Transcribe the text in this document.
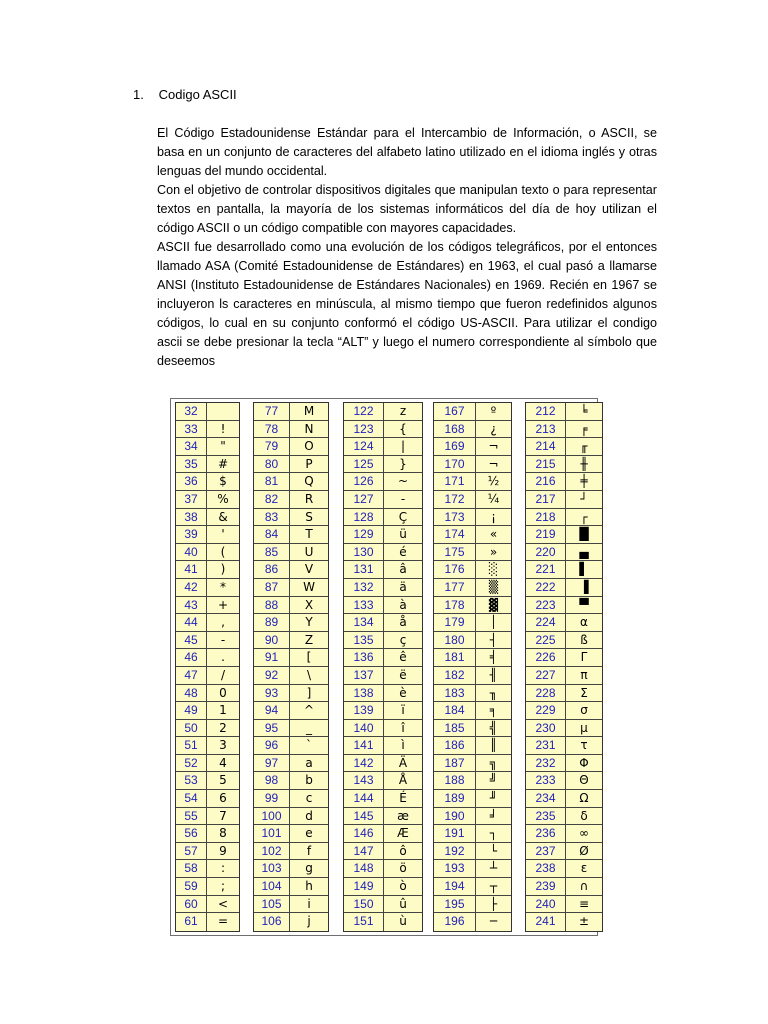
1. Codigo ASCII

El Código Estadounidense Estándar para el Intercambio de Información, o ASCII, se basa en un conjunto de caracteres del alfabeto latino utilizado en el idioma inglés y otras lenguas del mundo occidental.

Con el objetivo de controlar dispositivos digitales que manipulan texto o para representar textos en pantalla, la mayoría de los sistemas informáticos del día de hoy utilizan el código ASCII o un código compatible con mayores capacidades.

ASCII fue desarrollado como una evolución de los códigos telegráficos, por el entonces llamado ASA (Comité Estadounidense de Estándares) en 1963, el cual pasó a llamarse ANSI (Instituto Estadounidense de Estándares Nacionales) en 1969. Recién en 1967 se incluyeron ls caracteres en minúscula, al mismo tiempo que fueron redefinidos algunos códigos, lo cual en su conjunto conformó el código US-ASCII. Para utilizar el condigo ascii se debe presionar la tecla “ALT” y luego el numero correspondiente al símbolo que deseemos

32
33	!
34	"
35	#
36	$
37	%
38	&
39	'
40	(
41	)
42	*
43	+
44	,
45	-
46	.
47	/
48	0
49	1
50	2
51	3
52	4
53	5
54	6
55	7
56	8
57	9
58	:
59	;
60	<
61	=
77	M
78	N
79	O
80	P
81	Q
82	R
83	S
84	T
85	U
86	V
87	W
88	X
89	Y
90	Z
91	[
92	\
93	]
94	^
95	_
96	`
97	a
98	b
99	c
100	d
101	e
102	f
103	g
104	h
105	i
106	j
122	z
123	{
124	|
125	}
126	~
127	-
128	Ç
129	ü
130	é
131	â
132	ä
133	à
134	å
135	ç
136	ê
137	ë
138	è
139	ï
140	î
141	ì
142	Ä
143	Å
144	É
145	æ
146	Æ
147	ô
148	ö
149	ò
150	û
151	ù
167	º
168	¿
169	¬
170	¬
171	½
172	¼
173	¡
174	«
175	»
176	░
177	▒
178	▓
179	│
180	┤
181	╡
182	╢
183	╖
184	╕
185	╣
186	║
187	╗
188	╝
189	╜
190	╛
191	┐
192	└
193	┴
194	┬
195	├
196	─
212	╘
213	╒
214	╓
215	╫
216	╪
217	┘
218	┌
219	█
220	▄
221	▌
222	▐
223	▀
224	α
225	ß
226	Γ
227	π
228	Σ
229	σ
230	µ
231	τ
232	Φ
233	Θ
234	Ω
235	δ
236	∞
237	Ø
238	ε
239	∩
240	≡
241	±
